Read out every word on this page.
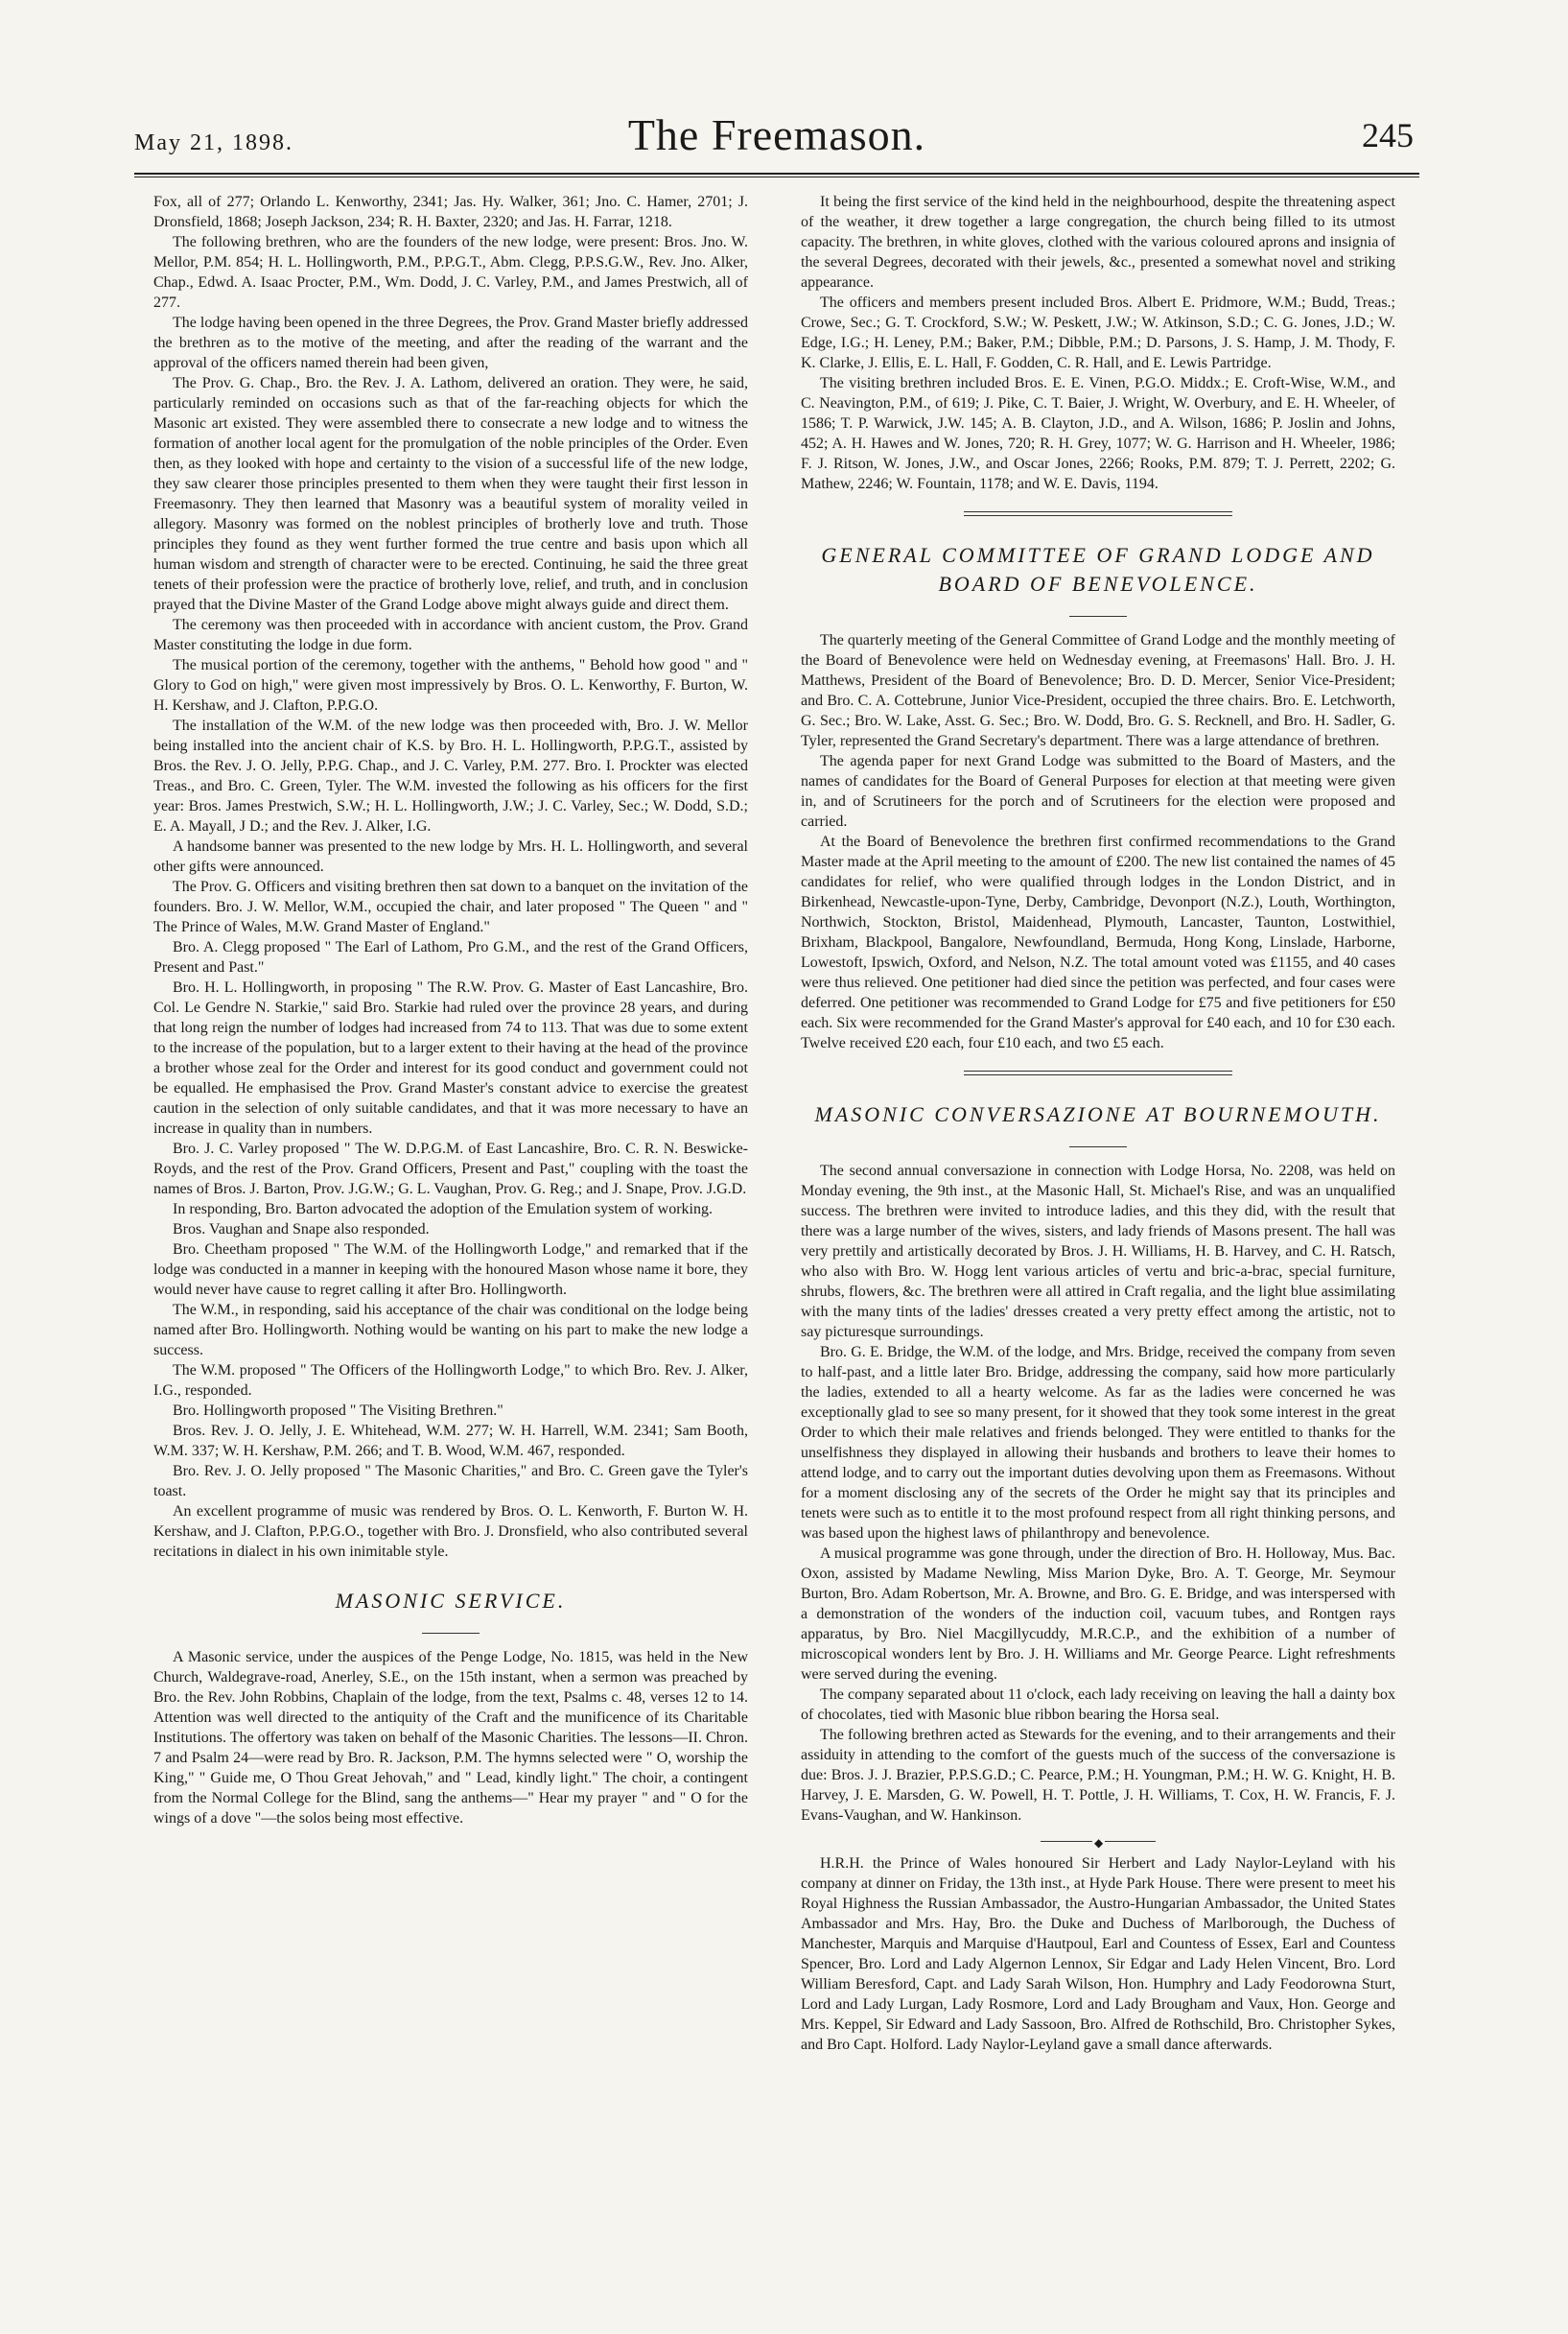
May 21, 1898.	The Freemason.	245

Fox, all of 277; Orlando L. Kenworthy, 2341; Jas. Hy. Walker, 361; Jno. C. Hamer, 2701; J. Dronsfield, 1868; Joseph Jackson, 234; R. H. Baxter, 2320; and Jas. H. Farrar, 1218.

The following brethren, who are the founders of the new lodge, were present: Bros. Jno. W. Mellor, P.M. 854; H. L. Hollingworth, P.M., P.P.G.T., Abm. Clegg, P.P.S.G.W., Rev. Jno. Alker, Chap., Edwd. A. Isaac Procter, P.M., Wm. Dodd, J. C. Varley, P.M., and James Prestwich, all of 277.

The lodge having been opened in the three Degrees, the Prov. Grand Master briefly addressed the brethren as to the motive of the meeting, and after the reading of the warrant and the approval of the officers named therein had been given,

The Prov. G. Chap., Bro. the Rev. J. A. Lathom, delivered an oration. They were, he said, particularly reminded on occasions such as that of the far-reaching objects for which the Masonic art existed. They were assembled there to consecrate a new lodge and to witness the formation of another local agent for the promulgation of the noble principles of the Order. Even then, as they looked with hope and certainty to the vision of a successful life of the new lodge, they saw clearer those principles presented to them when they were taught their first lesson in Freemasonry. They then learned that Masonry was a beautiful system of morality veiled in allegory. Masonry was formed on the noblest principles of brotherly love and truth. Those principles they found as they went further formed the true centre and basis upon which all human wisdom and strength of character were to be erected. Continuing, he said the three great tenets of their profession were the practice of brotherly love, relief, and truth, and in conclusion prayed that the Divine Master of the Grand Lodge above might always guide and direct them.

The ceremony was then proceeded with in accordance with ancient custom, the Prov. Grand Master constituting the lodge in due form.

The musical portion of the ceremony, together with the anthems, " Behold how good " and " Glory to God on high," were given most impressively by Bros. O. L. Kenworthy, F. Burton, W. H. Kershaw, and J. Clafton, P.P.G.O.

The installation of the W.M. of the new lodge was then proceeded with, Bro. J. W. Mellor being installed into the ancient chair of K.S. by Bro. H. L. Hollingworth, P.P.G.T., assisted by Bros. the Rev. J. O. Jelly, P.P.G. Chap., and J. C. Varley, P.M. 277. Bro. I. Prockter was elected Treas., and Bro. C. Green, Tyler. The W.M. invested the following as his officers for the first year: Bros. James Prestwich, S.W.; H. L. Hollingworth, J.W.; J. C. Varley, Sec.; W. Dodd, S.D.; E. A. Mayall, J D.; and the Rev. J. Alker, I.G.

A handsome banner was presented to the new lodge by Mrs. H. L. Hollingworth, and several other gifts were announced.

The Prov. G. Officers and visiting brethren then sat down to a banquet on the invitation of the founders. Bro. J. W. Mellor, W.M., occupied the chair, and later proposed " The Queen " and " The Prince of Wales, M.W. Grand Master of England."

Bro. A. Clegg proposed " The Earl of Lathom, Pro G.M., and the rest of the Grand Officers, Present and Past."

Bro. H. L. Hollingworth, in proposing " The R.W. Prov. G. Master of East Lancashire, Bro. Col. Le Gendre N. Starkie," said Bro. Starkie had ruled over the province 28 years, and during that long reign the number of lodges had increased from 74 to 113. That was due to some extent to the increase of the population, but to a larger extent to their having at the head of the province a brother whose zeal for the Order and interest for its good conduct and government could not be equalled. He emphasised the Prov. Grand Master's constant advice to exercise the greatest caution in the selection of only suitable candidates, and that it was more necessary to have an increase in quality than in numbers.

Bro. J. C. Varley proposed " The W. D.P.G.M. of East Lancashire, Bro. C. R. N. Beswicke-Royds, and the rest of the Prov. Grand Officers, Present and Past," coupling with the toast the names of Bros. J. Barton, Prov. J.G.W.; G. L. Vaughan, Prov. G. Reg.; and J. Snape, Prov. J.G.D.

In responding, Bro. Barton advocated the adoption of the Emulation system of working.

Bros. Vaughan and Snape also responded.

Bro. Cheetham proposed " The W.M. of the Hollingworth Lodge," and remarked that if the lodge was conducted in a manner in keeping with the honoured Mason whose name it bore, they would never have cause to regret calling it after Bro. Hollingworth.

The W.M., in responding, said his acceptance of the chair was conditional on the lodge being named after Bro. Hollingworth. Nothing would be wanting on his part to make the new lodge a success.

The W.M. proposed " The Officers of the Hollingworth Lodge," to which Bro. Rev. J. Alker, I.G., responded.

Bro. Hollingworth proposed " The Visiting Brethren."

Bros. Rev. J. O. Jelly, J. E. Whitehead, W.M. 277; W. H. Harrell, W.M. 2341; Sam Booth, W.M. 337; W. H. Kershaw, P.M. 266; and T. B. Wood, W.M. 467, responded.

Bro. Rev. J. O. Jelly proposed " The Masonic Charities," and Bro. C. Green gave the Tyler's toast.

An excellent programme of music was rendered by Bros. O. L. Kenworth, F. Burton W. H. Kershaw, and J. Clafton, P.P.G.O., together with Bro. J. Dronsfield, who also contributed several recitations in dialect in his own inimitable style.

MASONIC SERVICE.

A Masonic service, under the auspices of the Penge Lodge, No. 1815, was held in the New Church, Waldegrave-road, Anerley, S.E., on the 15th instant, when a sermon was preached by Bro. the Rev. John Robbins, Chaplain of the lodge, from the text, Psalms c. 48, verses 12 to 14. Attention was well directed to the antiquity of the Craft and the munificence of its Charitable Institutions. The offertory was taken on behalf of the Masonic Charities. The lessons—II. Chron. 7 and Psalm 24—were read by Bro. R. Jackson, P.M. The hymns selected were " O, worship the King," " Guide me, O Thou Great Jehovah," and " Lead, kindly light." The choir, a contingent from the Normal College for the Blind, sang the anthems—" Hear my prayer " and " O for the wings of a dove "—the solos being most effective.

It being the first service of the kind held in the neighbourhood, despite the threatening aspect of the weather, it drew together a large congregation, the church being filled to its utmost capacity. The brethren, in white gloves, clothed with the various coloured aprons and insignia of the several Degrees, decorated with their jewels, &c., presented a somewhat novel and striking appearance.

The officers and members present included Bros. Albert E. Pridmore, W.M.; Budd, Treas.; Crowe, Sec.; G. T. Crockford, S.W.; W. Peskett, J.W.; W. Atkinson, S.D.; C. G. Jones, J.D.; W. Edge, I.G.; H. Leney, P.M.; Baker, P.M.; Dibble, P.M.; D. Parsons, J. S. Hamp, J. M. Thody, F. K. Clarke, J. Ellis, E. L. Hall, F. Godden, C. R. Hall, and E. Lewis Partridge.

The visiting brethren included Bros. E. E. Vinen, P.G.O. Middx.; E. Croft-Wise, W.M., and C. Neavington, P.M., of 619; J. Pike, C. T. Baier, J. Wright, W. Overbury, and E. H. Wheeler, of 1586; T. P. Warwick, J.W. 145; A. B. Clayton, J.D., and A. Wilson, 1686; P. Joslin and Johns, 452; A. H. Hawes and W. Jones, 720; R. H. Grey, 1077; W. G. Harrison and H. Wheeler, 1986; F. J. Ritson, W. Jones, J.W., and Oscar Jones, 2266; Rooks, P.M. 879; T. J. Perrett, 2202; G. Mathew, 2246; W. Fountain, 1178; and W. E. Davis, 1194.

GENERAL COMMITTEE OF GRAND LODGE AND BOARD OF BENEVOLENCE.

The quarterly meeting of the General Committee of Grand Lodge and the monthly meeting of the Board of Benevolence were held on Wednesday evening, at Freemasons' Hall. Bro. J. H. Matthews, President of the Board of Benevolence; Bro. D. D. Mercer, Senior Vice-President; and Bro. C. A. Cottebrune, Junior Vice-President, occupied the three chairs. Bro. E. Letchworth, G. Sec.; Bro. W. Lake, Asst. G. Sec.; Bro. W. Dodd, Bro. G. S. Recknell, and Bro. H. Sadler, G. Tyler, represented the Grand Secretary's department. There was a large attendance of brethren.

The agenda paper for next Grand Lodge was submitted to the Board of Masters, and the names of candidates for the Board of General Purposes for election at that meeting were given in, and of Scrutineers for the porch and of Scrutineers for the election were proposed and carried.

At the Board of Benevolence the brethren first confirmed recommendations to the Grand Master made at the April meeting to the amount of £200. The new list contained the names of 45 candidates for relief, who were qualified through lodges in the London District, and in Birkenhead, Newcastle-upon-Tyne, Derby, Cambridge, Devonport (N.Z.), Louth, Worthington, Northwich, Stockton, Bristol, Maidenhead, Plymouth, Lancaster, Taunton, Lostwithiel, Brixham, Blackpool, Bangalore, Newfoundland, Bermuda, Hong Kong, Linslade, Harborne, Lowestoft, Ipswich, Oxford, and Nelson, N.Z. The total amount voted was £1155, and 40 cases were thus relieved. One petitioner had died since the petition was perfected, and four cases were deferred. One petitioner was recommended to Grand Lodge for £75 and five petitioners for £50 each. Six were recommended for the Grand Master's approval for £40 each, and 10 for £30 each. Twelve received £20 each, four £10 each, and two £5 each.

MASONIC CONVERSAZIONE AT BOURNEMOUTH.

The second annual conversazione in connection with Lodge Horsa, No. 2208, was held on Monday evening, the 9th inst., at the Masonic Hall, St. Michael's Rise, and was an unqualified success. The brethren were invited to introduce ladies, and this they did, with the result that there was a large number of the wives, sisters, and lady friends of Masons present. The hall was very prettily and artistically decorated by Bros. J. H. Williams, H. B. Harvey, and C. H. Ratsch, who also with Bro. W. Hogg lent various articles of vertu and bric-a-brac, special furniture, shrubs, flowers, &c. The brethren were all attired in Craft regalia, and the light blue assimilating with the many tints of the ladies' dresses created a very pretty effect among the artistic, not to say picturesque surroundings.

Bro. G. E. Bridge, the W.M. of the lodge, and Mrs. Bridge, received the company from seven to half-past, and a little later Bro. Bridge, addressing the company, said how more particularly the ladies, extended to all a hearty welcome. As far as the ladies were concerned he was exceptionally glad to see so many present, for it showed that they took some interest in the great Order to which their male relatives and friends belonged. They were entitled to thanks for the unselfishness they displayed in allowing their husbands and brothers to leave their homes to attend lodge, and to carry out the important duties devolving upon them as Freemasons. Without for a moment disclosing any of the secrets of the Order he might say that its principles and tenets were such as to entitle it to the most profound respect from all right thinking persons, and was based upon the highest laws of philanthropy and benevolence.

A musical programme was gone through, under the direction of Bro. H. Holloway, Mus. Bac. Oxon, assisted by Madame Newling, Miss Marion Dyke, Bro. A. T. George, Mr. Seymour Burton, Bro. Adam Robertson, Mr. A. Browne, and Bro. G. E. Bridge, and was interspersed with a demonstration of the wonders of the induction coil, vacuum tubes, and Rontgen rays apparatus, by Bro. Niel Macgillycuddy, M.R.C.P., and the exhibition of a number of microscopical wonders lent by Bro. J. H. Williams and Mr. George Pearce. Light refreshments were served during the evening.

The company separated about 11 o'clock, each lady receiving on leaving the hall a dainty box of chocolates, tied with Masonic blue ribbon bearing the Horsa seal.

The following brethren acted as Stewards for the evening, and to their arrangements and their assiduity in attending to the comfort of the guests much of the success of the conversazione is due: Bros. J. J. Brazier, P.P.S.G.D.; C. Pearce, P.M.; H. Youngman, P.M.; H. W. G. Knight, H. B. Harvey, J. E. Marsden, G. W. Powell, H. T. Pottle, J. H. Williams, T. Cox, H. W. Francis, F. J. Evans-Vaughan, and W. Hankinson.

◆

H.R.H. the Prince of Wales honoured Sir Herbert and Lady Naylor-Leyland with his company at dinner on Friday, the 13th inst., at Hyde Park House. There were present to meet his Royal Highness the Russian Ambassador, the Austro-Hungarian Ambassador, the United States Ambassador and Mrs. Hay, Bro. the Duke and Duchess of Marlborough, the Duchess of Manchester, Marquis and Marquise d'Hautpoul, Earl and Countess of Essex, Earl and Countess Spencer, Bro. Lord and Lady Algernon Lennox, Sir Edgar and Lady Helen Vincent, Bro. Lord William Beresford, Capt. and Lady Sarah Wilson, Hon. Humphry and Lady Feodorowna Sturt, Lord and Lady Lurgan, Lady Rosmore, Lord and Lady Brougham and Vaux, Hon. George and Mrs. Keppel, Sir Edward and Lady Sassoon, Bro. Alfred de Rothschild, Bro. Christopher Sykes, and Bro Capt. Holford. Lady Naylor-Leyland gave a small dance afterwards.
